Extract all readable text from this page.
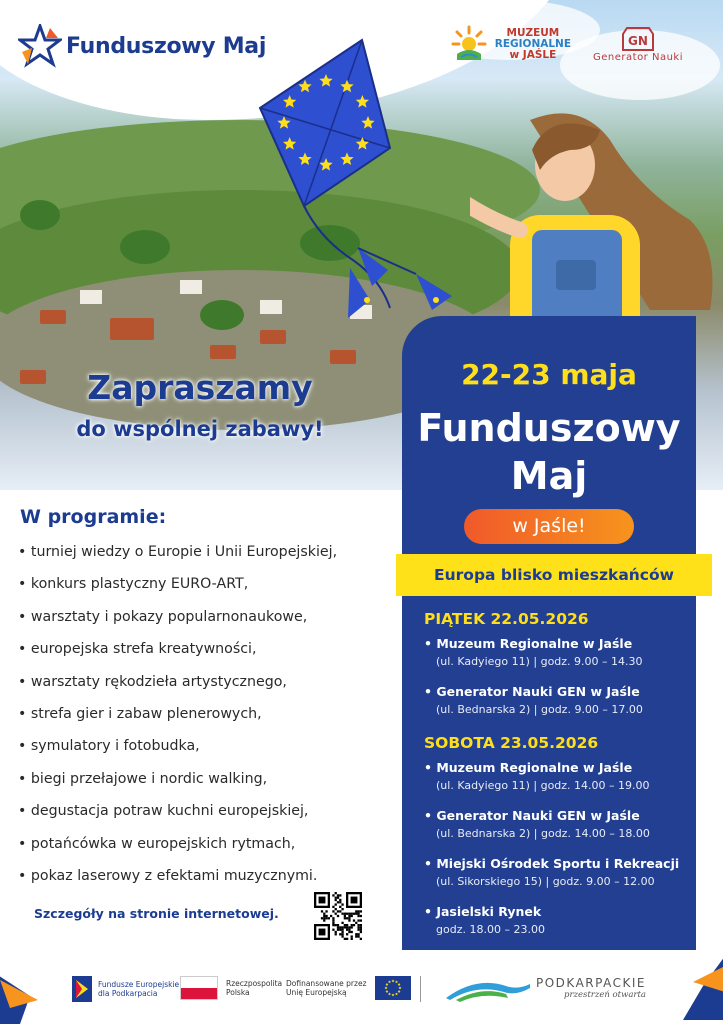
Funduszowy Maj
MUZEUM
REGIONALNE
w JAŚLE
GN
Generator Nauki
Zapraszamy
do wspólnej zabawy!
W programie:
• turniej wiedzy o Europie i Unii Europejskiej,
• konkurs plastyczny EURO-ART,
• warsztaty i pokazy popularnonaukowe,
• europejska strefa kreatywności,
• warsztaty rękodzieła artystycznego,
• strefa gier i zabaw plenerowych,
• symulatory i fotobudka,
• biegi przełajowe i nordic walking,
• degustacja potraw kuchni europejskiej,
• potańcówka w europejskich rytmach,
• pokaz laserowy z efektami muzycznymi.
Szczegóły na stronie internetowej.
22-23 maja
Funduszowy
Maj
w Jaśle!
Europa blisko mieszkańców
PIĄTEK 22.05.2026
• Muzeum Regionalne w Jaśle
(ul. Kadyiego 11) | godz. 9.00 – 14.30
• Generator Nauki GEN w Jaśle
(ul. Bednarska 2) | godz. 9.00 – 17.00
SOBOTA 23.05.2026
• Muzeum Regionalne w Jaśle
(ul. Kadyiego 11) | godz. 14.00 – 19.00
• Generator Nauki GEN w Jaśle
(ul. Bednarska 2) | godz. 14.00 – 18.00
• Miejski Ośrodek Sportu i Rekreacji
(ul. Sikorskiego 15) | godz. 9.00 – 12.00
• Jasielski Rynek
godz. 18.00 – 23.00
Fundusze Europejskie
dla Podkarpacia
Rzeczpospolita
Polska
Dofinansowane przez
Unię Europejską
PODKARPACKIE
przestrzeń otwarta
